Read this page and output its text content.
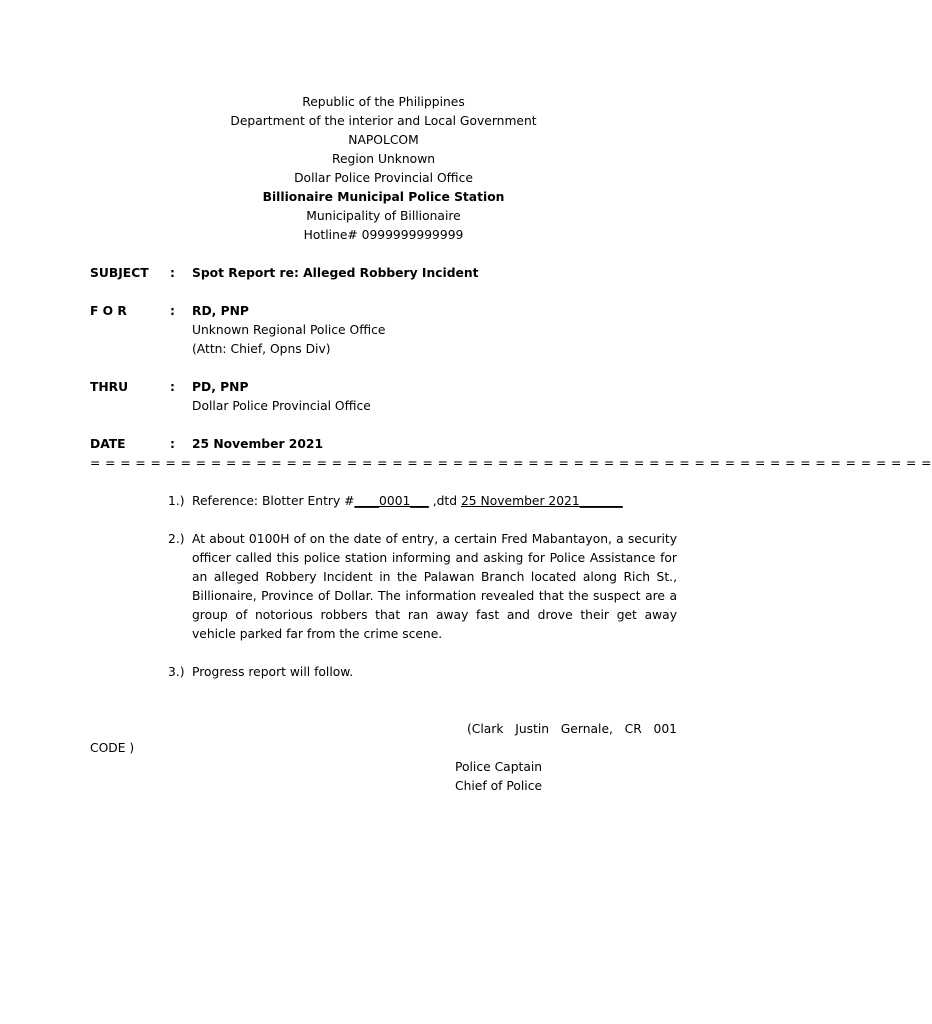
Republic of the Philippines
Department of the interior and Local Government
NAPOLCOM
Region Unknown
Dollar Police Provincial Office
Billionaire Municipal Police Station
Municipality of Billionaire
Hotline# 0999999999999
SUBJECT : Spot Report re: Alleged Robbery Incident
F O R	: RD, PNP
Unknown Regional Police Office
(Attn: Chief, Opns Div)
THRU	: PD, PNP
Dollar Police Provincial Office
DATE	: 25 November 2021
= = = = = = = = = = = = = = = = = = = = = = = = = = = = = = = = = = = = = = = = = = = = = = = = = = = = = = = =
1.) Reference: Blotter Entry #____0001___ ,dtd 25 November 2021_______
2.) At about 0100H of on the date of entry, a certain Fred Mabantayon, a security officer called this police station informing and asking for Police Assistance for an alleged Robbery Incident in the Palawan Branch located along Rich St., Billionaire, Province of Dollar. The information revealed that the suspect are a group of notorious robbers that ran away fast and drove their get away vehicle parked far from the crime scene.
3.) Progress report will follow.
(Clark   Justin   Gernale,   CR   001
CODE )
Police Captain
Chief of Police
